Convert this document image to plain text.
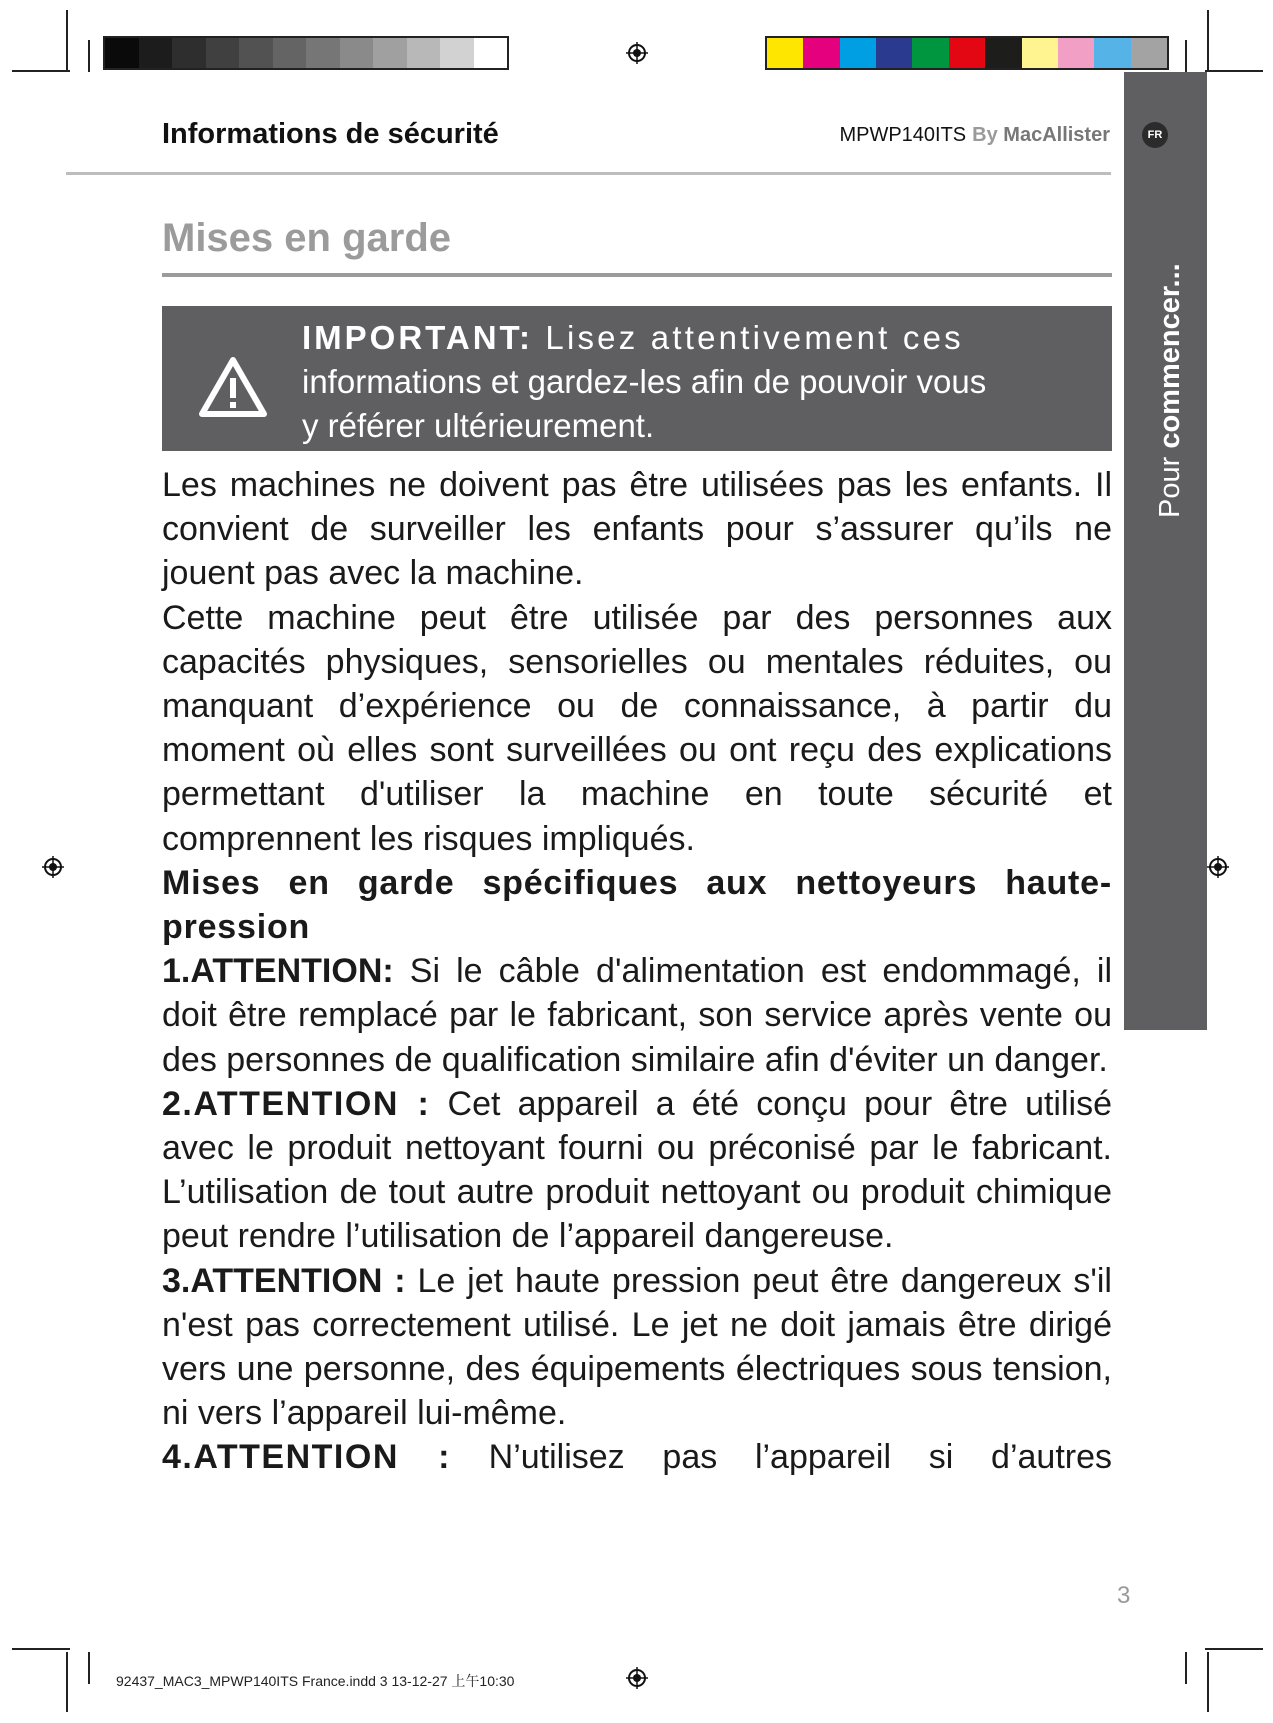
Informations de sécurité	MPWP140ITS By MacAllister	FR
Pour commencer...
Mises en garde
IMPORTANT: Lisez attentivement ces
informations et gardez-les afin de pouvoir vous
y référer ultérieurement.

Les machines ne doivent pas être utilisées pas les enfants. Il convient de surveiller les enfants pour s’assurer qu’ils ne jouent pas avec la machine.

Cette machine peut être utilisée par des personnes aux capacités physiques, sensorielles ou mentales réduites, ou manquant d’expérience ou de connaissance, à partir du moment où elles sont surveillées ou ont reçu des explications permettant d'utiliser la machine en toute sécurité et comprennent les risques impliqués.

Mises en garde spécifiques aux nettoyeurs haute-pression

1.ATTENTION: Si le câble d'alimentation est endommagé, il doit être remplacé par le fabricant, son service après vente ou des personnes de qualification similaire afin d'éviter un danger.

2.ATTENTION : Cet appareil a été conçu pour être utilisé avec le produit nettoyant fourni ou préconisé par le fabricant. L’utilisation de tout autre produit nettoyant ou produit chimique peut rendre l’utilisation de l’appareil dangereuse.

3.ATTENTION : Le jet haute pression peut être dangereux s'il n'est pas correctement utilisé. Le jet ne doit jamais être dirigé vers une personne, des équipements électriques sous tension, ni vers l’appareil lui-même.

4.ATTENTION : N’utilisez pas l’appareil si d’autres

3
92437_MAC3_MPWP140ITS France.indd 3 13-12-27 上午10:30
